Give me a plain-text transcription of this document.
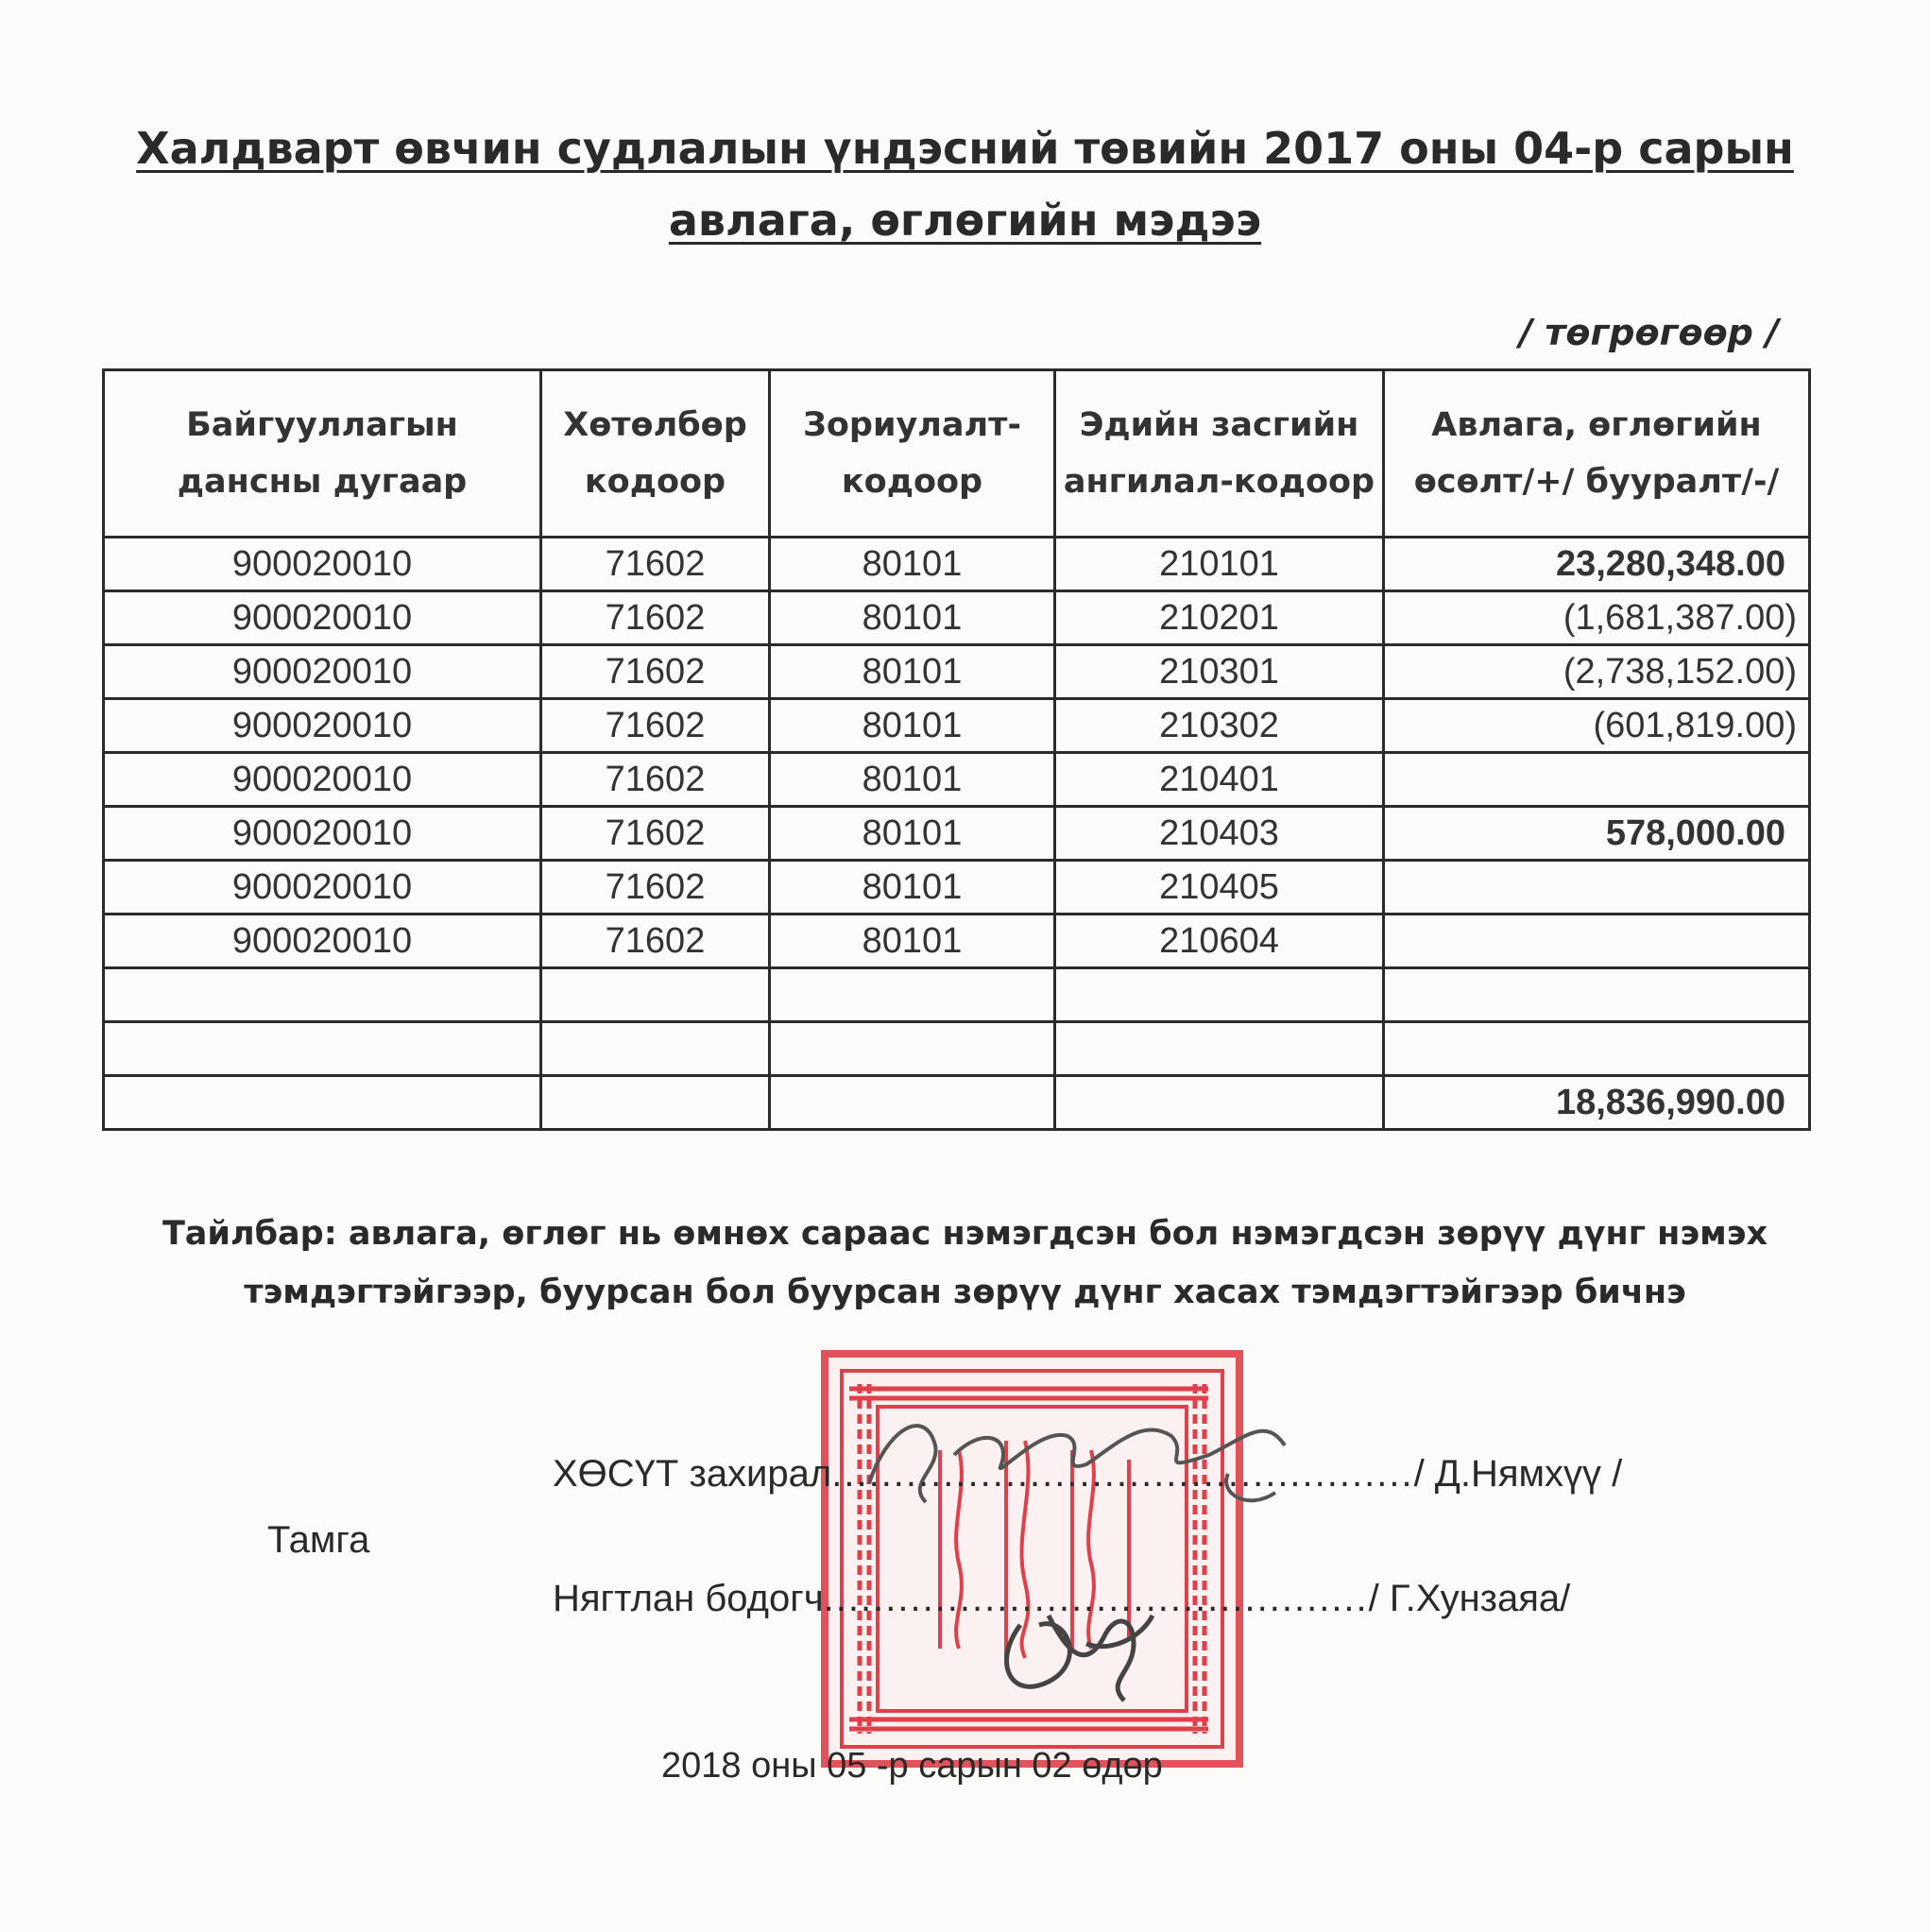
Халдварт өвчин судлалын үндэсний төвийн 2017 оны 04-р сарын
авлага, өглөгийн мэдээ
/ төгрөгөөр /
Байгууллагын дансны дугаар	Хөтөлбөр кодоор	Зориулалт-кодоор	Эдийн засгийн ангилал-кодоор	Авлага, өглөгийн өсөлт/+/ бууралт/-/
900020010	71602	80101	210101	23,280,348.00
900020010	71602	80101	210201	(1,681,387.00)
900020010	71602	80101	210301	(2,738,152.00)
900020010	71602	80101	210302	(601,819.00)
900020010	71602	80101	210401	
900020010	71602	80101	210403	578,000.00
900020010	71602	80101	210405	
900020010	71602	80101	210604	

				18,836,990.00
Тайлбар: авлага, өглөг нь өмнөх сараас нэмэгдсэн бол нэмэгдсэн зөрүү дүнг нэмэх
тэмдэгтэйгээр, буурсан бол буурсан зөрүү дүнг хасах тэмдэгтэйгээр бичнэ
ХӨСҮТ захирал.............................................../ Д.Нямхүү /
Тамга
Нягтлан бодогч............................................/ Г.Хунзаяа/
2018 оны 05 -р сарын 02 өдөр
